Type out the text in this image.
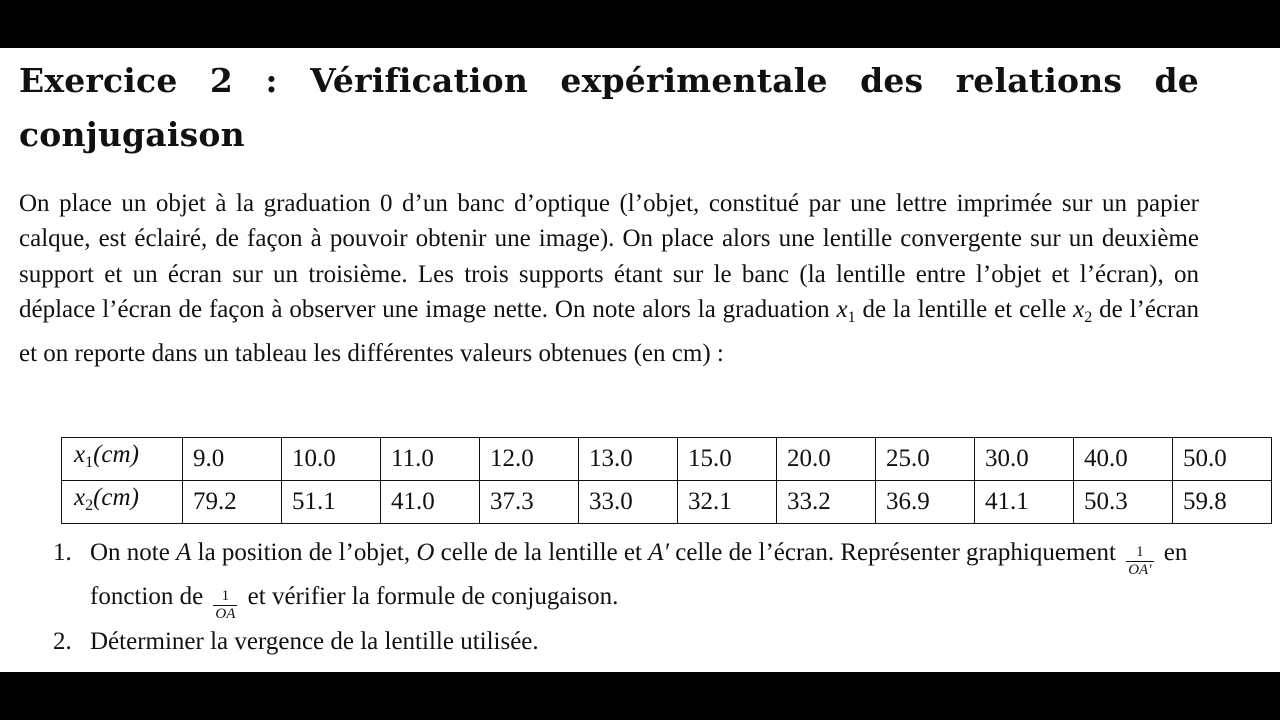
Exercice 2 : Vérification expérimentale des relations de conjugaison

On place un objet à la graduation 0 d’un banc d’optique (l’objet, constitué par une lettre imprimée sur un papier calque, est éclairé, de façon à pouvoir obtenir une image). On place alors une lentille convergente sur un deuxième support et un écran sur un troisième. Les trois supports étant sur le banc (la lentille entre l’objet et l’écran), on déplace l’écran de façon à observer une image nette. On note alors la graduation $x_1$ de la lentille et celle $x_2$ de l’écran et on reporte dans un tableau les différentes valeurs obtenues (en cm) :

$x_1(cm)$	9.0	10.0	11.0	12.0	13.0	15.0	20.0	25.0	30.0	40.0	50.0
$x_2(cm)$	79.2	51.1	41.0	37.3	33.0	32.1	33.2	36.9	41.1	50.3	59.8
1. On note A la position de l’objet, O celle de la lentille et A′ celle de l’écran. Représenter graphiquement $\frac{1}{OA'}$ en fonction de $\frac{1}{OA}$ et vérifier la formule de conjugaison.
2. Déterminer la vergence de la lentille utilisée.
